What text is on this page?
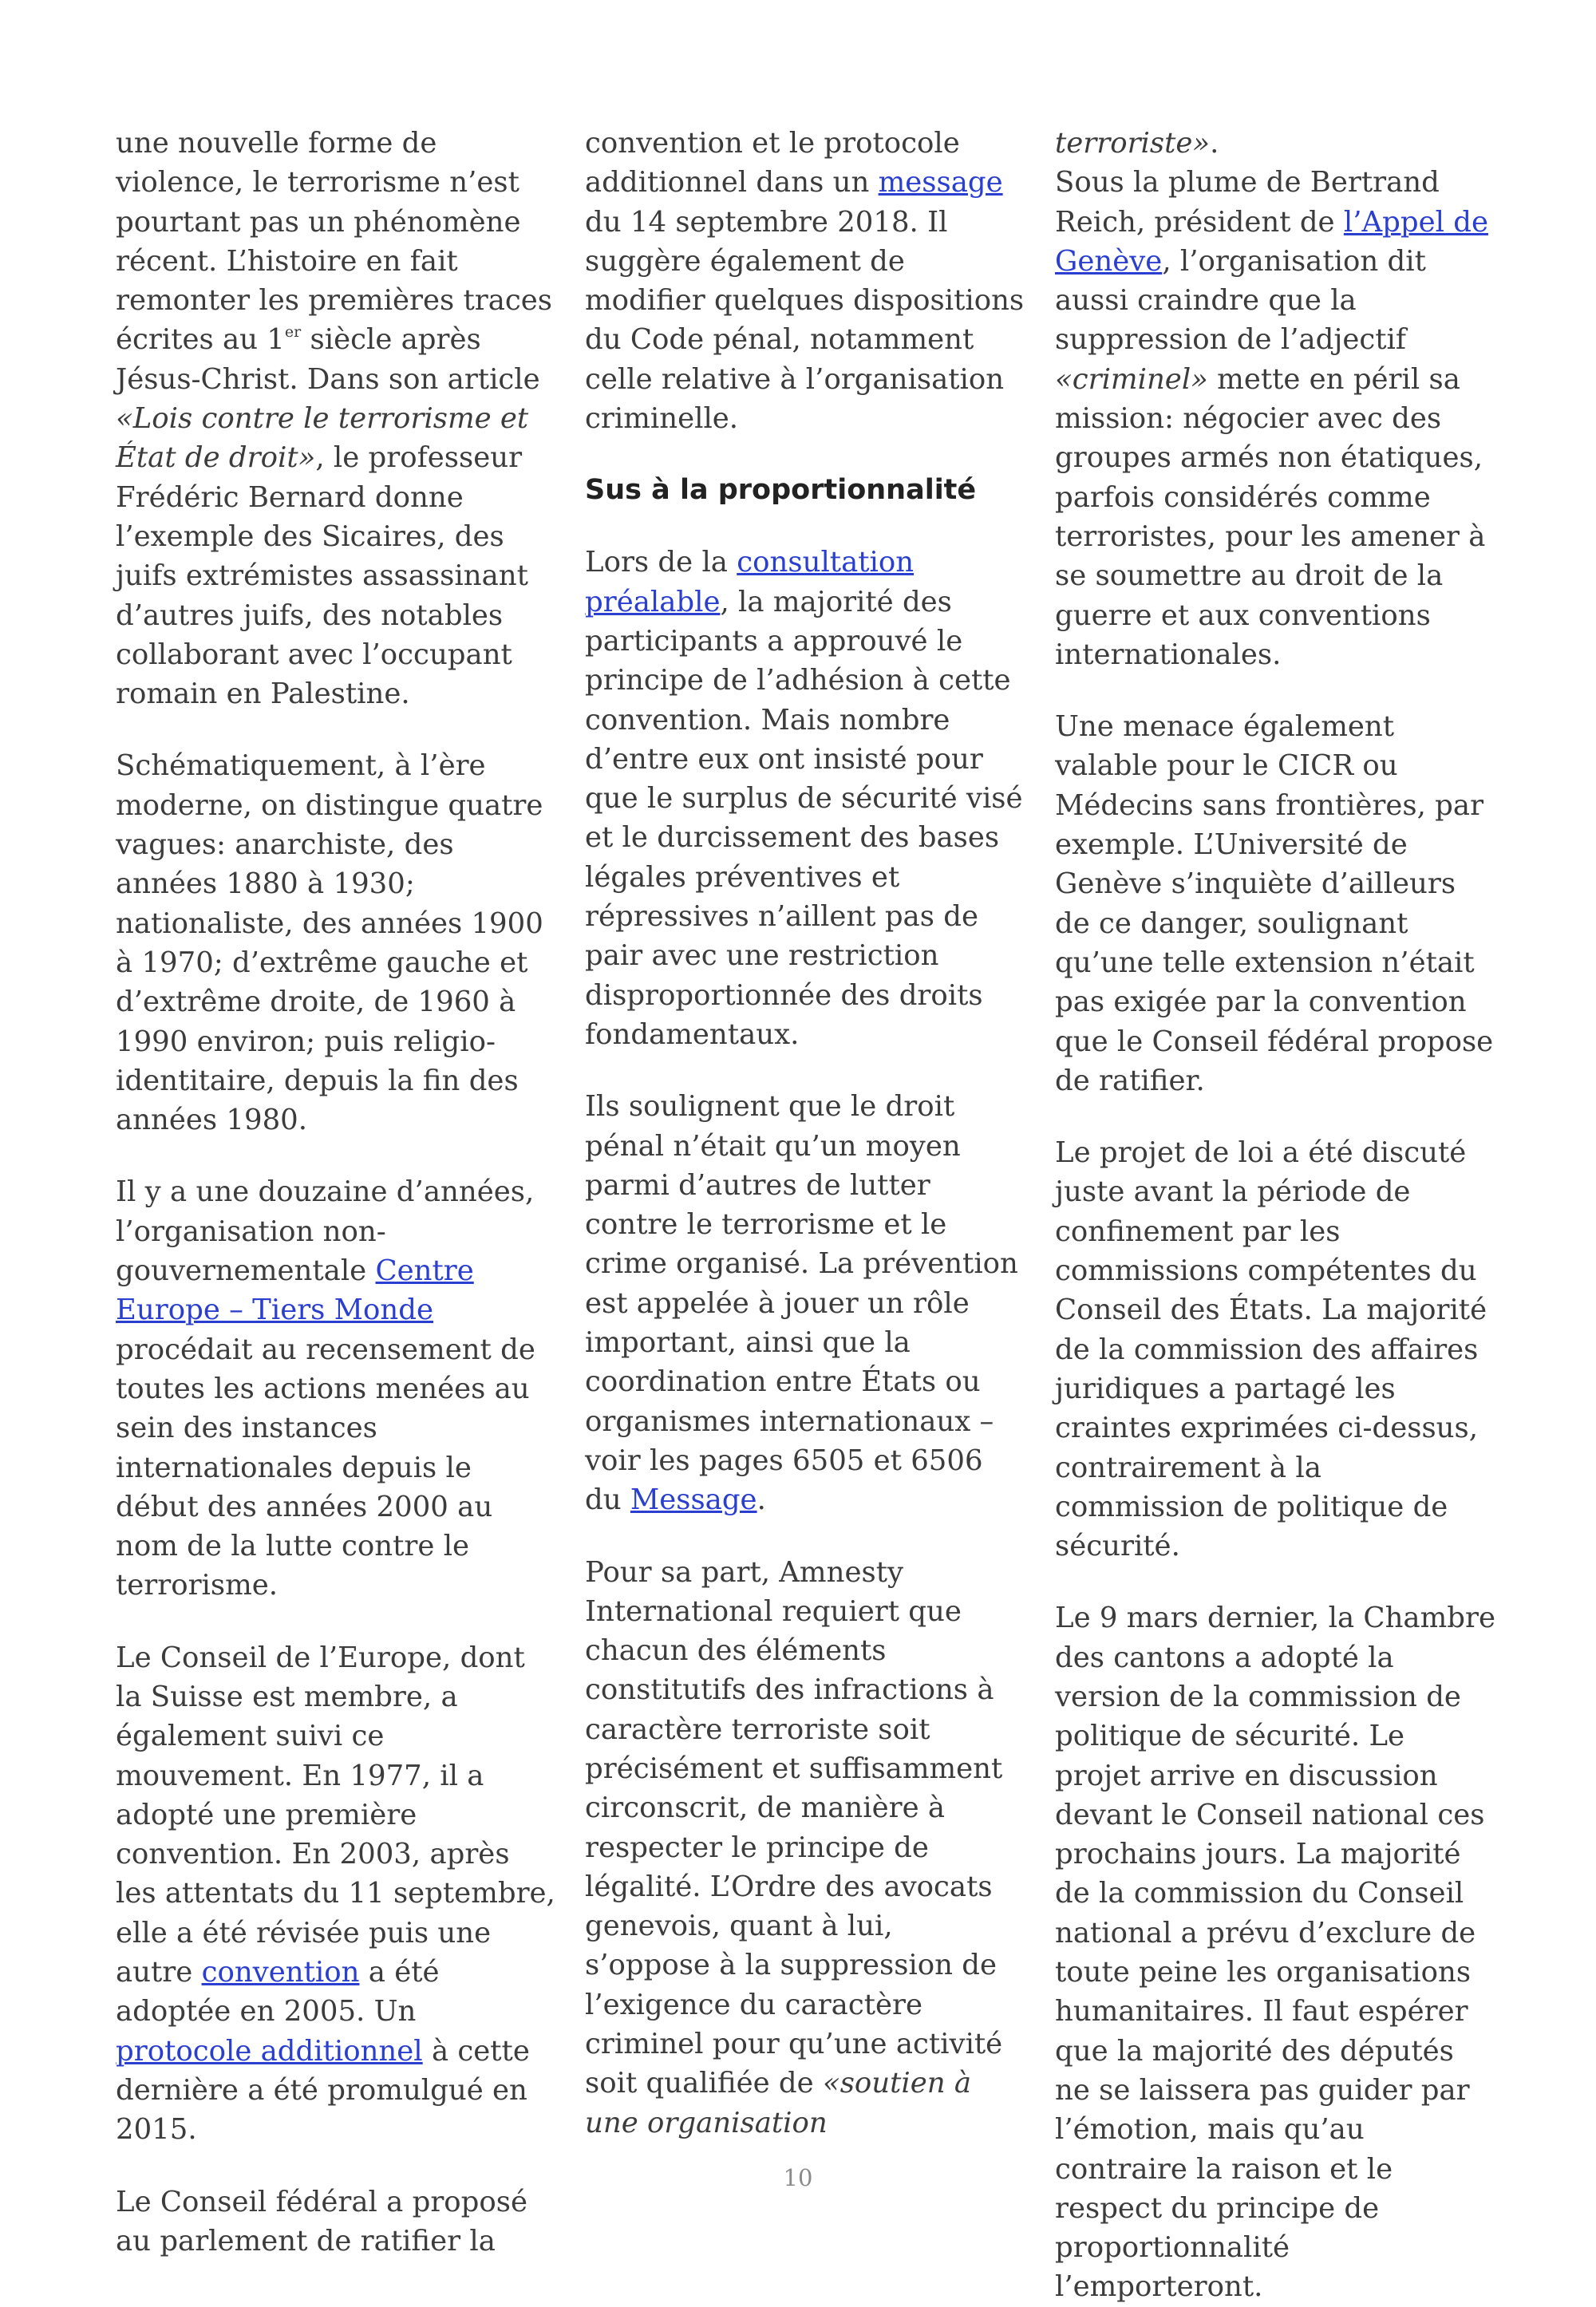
une nouvelle forme de violence, le terrorisme n’est pourtant pas un phénomène récent. L’histoire en fait remonter les premières traces écrites au 1er siècle après Jésus-Christ. Dans son article «Lois contre le terrorisme et État de droit», le professeur Frédéric Bernard donne l’exemple des Sicaires, des juifs extrémistes assassinant d’autres juifs, des notables collaborant avec l’occupant romain en Palestine.

Schématiquement, à l’ère moderne, on distingue quatre vagues: anarchiste, des années 1880 à 1930; nationaliste, des années 1900 à 1970; d’extrême gauche et d’extrême droite, de 1960 à 1990 environ; puis religio-identitaire, depuis la fin des années 1980.

Il y a une douzaine d’années, l’organisation non-gouvernementale Centre Europe – Tiers Monde procédait au recensement de toutes les actions menées au sein des instances internationales depuis le début des années 2000 au nom de la lutte contre le terrorisme.

Le Conseil de l’Europe, dont la Suisse est membre, a également suivi ce mouvement. En 1977, il a adopté une première convention. En 2003, après les attentats du 11 septembre, elle a été révisée puis une autre convention a été adoptée en 2005. Un protocole additionnel à cette dernière a été promulgué en 2015.

Le Conseil fédéral a proposé au parlement de ratifier la

convention et le protocole additionnel dans un message du 14 septembre 2018. Il suggère également de modifier quelques dispositions du Code pénal, notamment celle relative à l’organisation criminelle.

Sus à la proportionnalité

Lors de la consultation préalable, la majorité des participants a approuvé le principe de l’adhésion à cette convention. Mais nombre d’entre eux ont insisté pour que le surplus de sécurité visé et le durcissement des bases légales préventives et répressives n’aillent pas de pair avec une restriction disproportionnée des droits fondamentaux.

Ils soulignent que le droit pénal n’était qu’un moyen parmi d’autres de lutter contre le terrorisme et le crime organisé. La prévention est appelée à jouer un rôle important, ainsi que la coordination entre États ou organismes internationaux – voir les pages 6505 et 6506 du Message.

Pour sa part, Amnesty International requiert que chacun des éléments constitutifs des infractions à caractère terroriste soit précisément et suffisamment circonscrit, de manière à respecter le principe de légalité. L’Ordre des avocats genevois, quant à lui, s’oppose à la suppression de l’exigence du caractère criminel pour qu’une activité soit qualifiée de «soutien à une organisation

terroriste».
Sous la plume de Bertrand Reich, président de l’Appel de Genève, l’organisation dit aussi craindre que la suppression de l’adjectif «criminel» mette en péril sa mission: négocier avec des groupes armés non étatiques, parfois considérés comme terroristes, pour les amener à se soumettre au droit de la guerre et aux conventions internationales.

Une menace également valable pour le CICR ou Médecins sans frontières, par exemple. L’Université de Genève s’inquiète d’ailleurs de ce danger, soulignant qu’une telle extension n’était pas exigée par la convention que le Conseil fédéral propose de ratifier.

Le projet de loi a été discuté juste avant la période de confinement par les commissions compétentes du Conseil des États. La majorité de la commission des affaires juridiques a partagé les craintes exprimées ci-dessus, contrairement à la commission de politique de sécurité.

Le 9 mars dernier, la Chambre des cantons a adopté la version de la commission de politique de sécurité. Le projet arrive en discussion devant le Conseil national ces prochains jours. La majorité de la commission du Conseil national a prévu d’exclure de toute peine les organisations humanitaires. Il faut espérer que la majorité des députés ne se laissera pas guider par l’émotion, mais qu’au contraire la raison et le respect du principe de proportionnalité l’emporteront.

10
